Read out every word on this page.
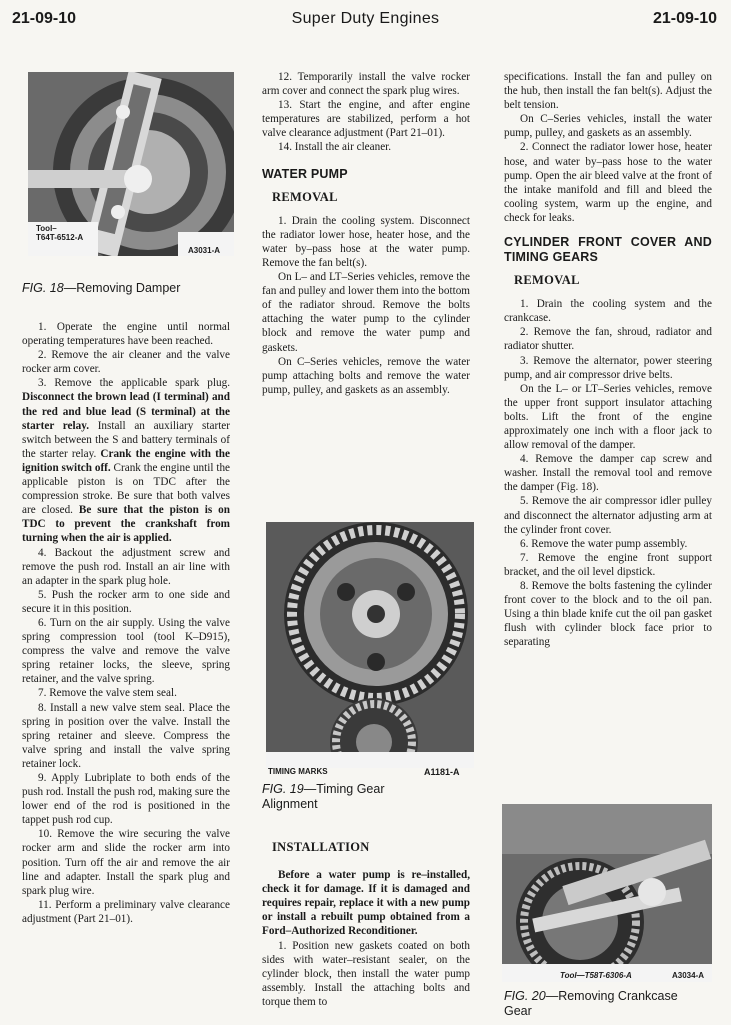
21-09-10	Super Duty Engines	21-09-10
Tool–
T64T-6512-A
A3031-A
FIG. 18—Removing Damper

1. Operate the engine until normal operating temperatures have been reached.

2. Remove the air cleaner and the valve rocker arm cover.

3. Remove the applicable spark plug. Disconnect the brown lead (I terminal) and the red and blue lead (S terminal) at the starter relay. Install an auxiliary starter switch between the S and battery terminals of the starter relay. Crank the engine with the ignition switch off. Crank the engine until the applicable piston is on TDC after the compression stroke. Be sure that both valves are closed. Be sure that the piston is on TDC to prevent the crankshaft from turning when the air is applied.

4. Backout the adjustment screw and remove the push rod. Install an air line with an adapter in the spark plug hole.

5. Push the rocker arm to one side and secure it in this position.

6. Turn on the air supply. Using the valve spring compression tool (tool K–D915), compress the valve and remove the valve spring retainer locks, the sleeve, spring retainer, and the valve spring.

7. Remove the valve stem seal.

8. Install a new valve stem seal. Place the spring in position over the valve. Install the spring retainer and sleeve. Compress the valve spring and install the valve spring retainer lock.

9. Apply Lubriplate to both ends of the push rod. Install the push rod, making sure the lower end of the rod is positioned in the tappet push rod cup.

10. Remove the wire securing the valve rocker arm and slide the rocker arm into position. Turn off the air and remove the air line and adapter. Install the spark plug and spark plug wire.

11. Perform a preliminary valve clearance adjustment (Part 21–01).

12. Temporarily install the valve rocker arm cover and connect the spark plug wires.

13. Start the engine, and after engine temperatures are stabilized, perform a hot valve clearance adjustment (Part 21–01).

14. Install the air cleaner.

WATER PUMP
REMOVAL

1. Drain the cooling system. Disconnect the radiator lower hose, heater hose, and the water by–pass hose at the water pump. Remove the fan belt(s).

On L– and LT–Series vehicles, remove the fan and pulley and lower them into the bottom of the radiator shroud. Remove the bolts attaching the water pump to the cylinder block and remove the water pump and gaskets.

On C–Series vehicles, remove the water pump attaching bolts and remove the water pump, pulley, and gaskets as an assembly.

TIMING MARKS	A1181-A
FIG. 19—Timing Gear
Alignment
INSTALLATION

Before a water pump is re–installed, check it for damage. If it is damaged and requires repair, replace it with a new pump or install a rebuilt pump obtained from a Ford–Authorized Reconditioner.

1. Position new gaskets coated on both sides with water–resistant sealer, on the cylinder block, then install the water pump assembly. Install the attaching bolts and torque them to

specifications. Install the fan and pulley on the hub, then install the fan belt(s). Adjust the belt tension.

On C–Series vehicles, install the water pump, pulley, and gaskets as an assembly.

2. Connect the radiator lower hose, heater hose, and water by–pass hose to the water pump. Open the air bleed valve at the front of the intake manifold and fill and bleed the cooling system, warm up the engine, and check for leaks.

CYLINDER FRONT COVER AND TIMING GEARS
REMOVAL

1. Drain the cooling system and the crankcase.

2. Remove the fan, shroud, radiator and radiator shutter.

3. Remove the alternator, power steering pump, and air compressor drive belts.

On the L– or LT–Series vehicles, remove the upper front support insulator attaching bolts. Lift the front of the engine approximately one inch with a floor jack to allow removal of the damper.

4. Remove the damper cap screw and washer. Install the removal tool and remove the damper (Fig. 18).

5. Remove the air compressor idler pulley and disconnect the alternator adjusting arm at the cylinder front cover.

6. Remove the water pump assembly.

7. Remove the engine front support bracket, and the oil level dipstick.

8. Remove the bolts fastening the cylinder front cover to the block and to the oil pan. Using a thin blade knife cut the oil pan gasket flush with cylinder block face prior to separating

Tool—T58T-6306-A	A3034-A
FIG. 20—Removing Crankcase
Gear
